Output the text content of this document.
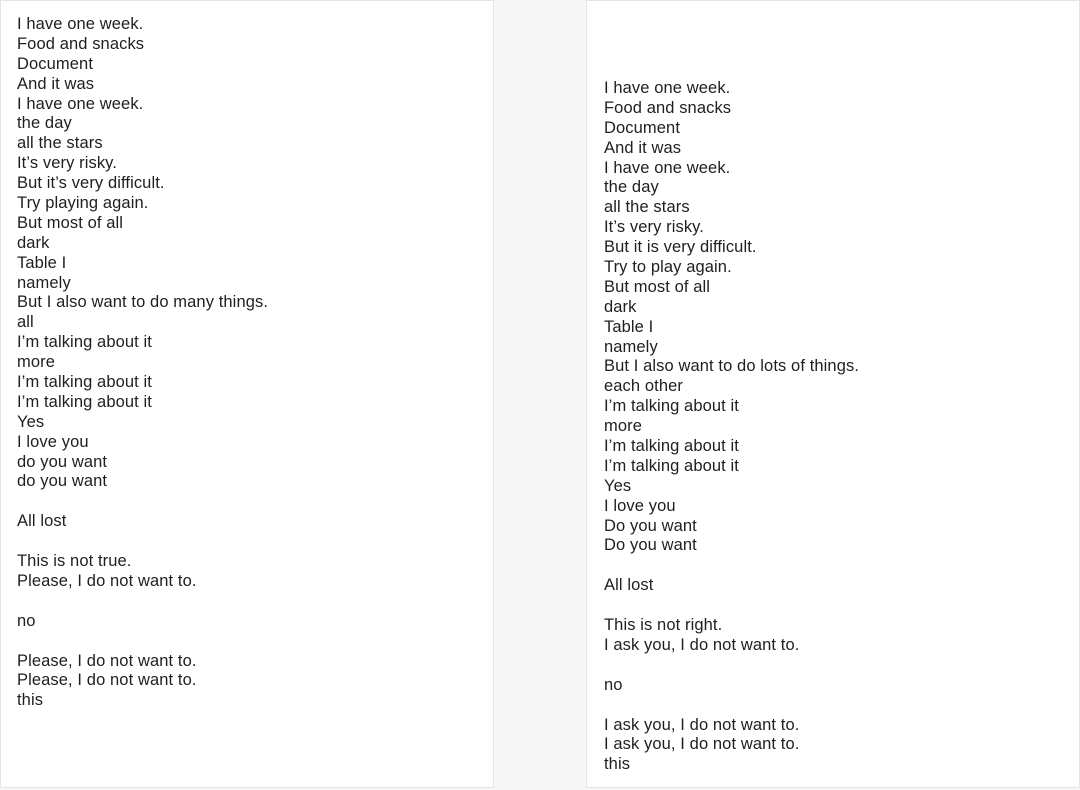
I have one week.
Food and snacks
Document
And it was
I have one week.
the day
all the stars
It’s very risky.
But it’s very difficult.
Try playing again.
But most of all
dark
Table I
namely
But I also want to do many things.
all
I’m talking about it
more
I’m talking about it
I’m talking about it
Yes
I love you
do you want
do you want
All lost
This is not true.
Please, I do not want to.
no
Please, I do not want to.
Please, I do not want to.
this
I have one week.
Food and snacks
Document
And it was
I have one week.
the day
all the stars
It’s very risky.
But it is very difficult.
Try to play again.
But most of all
dark
Table I
namely
But I also want to do lots of things.
each other
I’m talking about it
more
I’m talking about it
I’m talking about it
Yes
I love you
Do you want
Do you want
All lost
This is not right.
I ask you, I do not want to.
no
I ask you, I do not want to.
I ask you, I do not want to.
this
